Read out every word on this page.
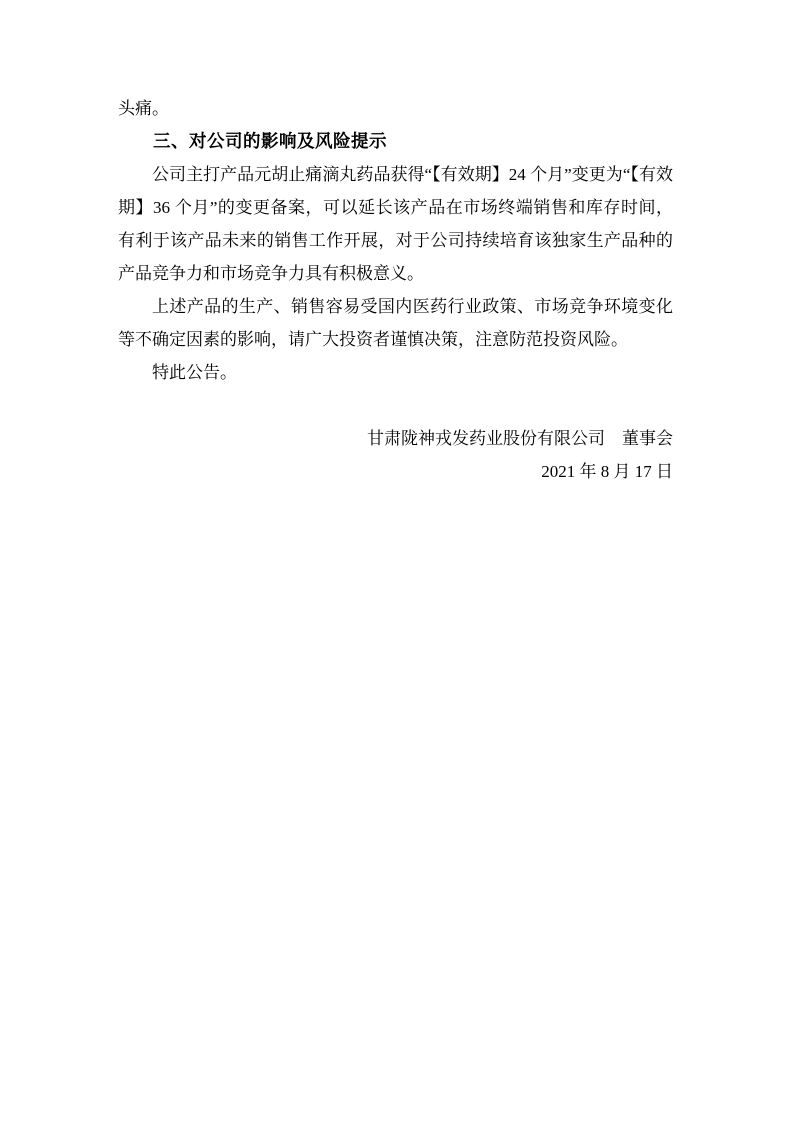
头痛。

三、对公司的影响及风险提示

公司主打产品元胡止痛滴丸药品获得“【有效期】24 个月”变更为“【有效期】36 个月”的变更备案，可以延长该产品在市场终端销售和库存时间，有利于该产品未来的销售工作开展，对于公司持续培育该独家生产品种的产品竞争力和市场竞争力具有积极意义。

上述产品的生产、销售容易受国内医药行业政策、市场竞争环境变化等不确定因素的影响，请广大投资者谨慎决策，注意防范投资风险。

特此公告。

甘肃陇神戎发药业股份有限公司　董事会

2021 年 8 月 17 日
